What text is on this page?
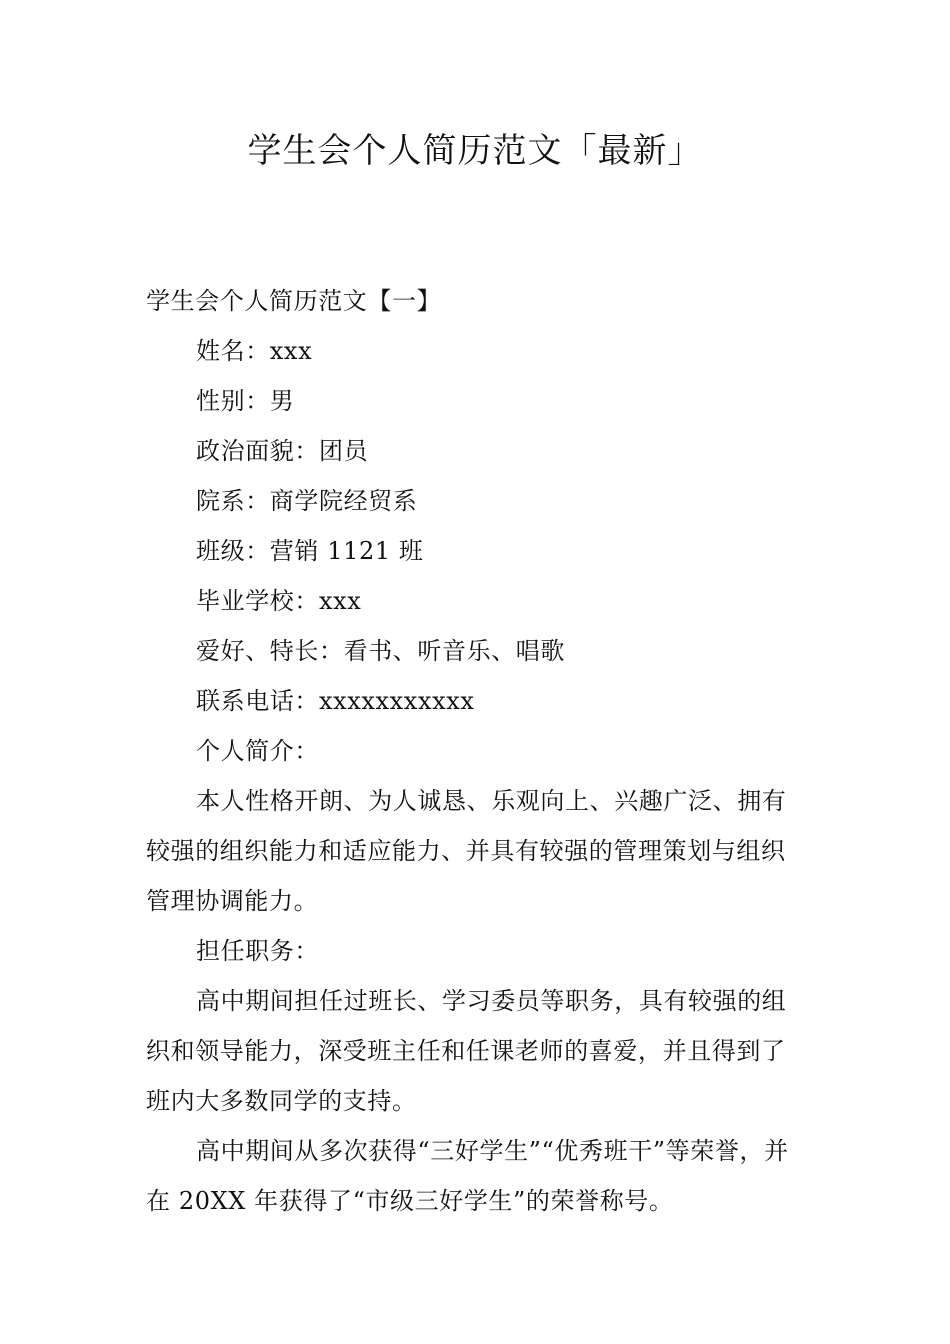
学生会个人简历范文「最新」

学生会个人简历范文【一】

姓名：xxx

性别：男

政治面貌：团员

院系：商学院经贸系

班级：营销 1121 班

毕业学校：xxx

爱好、特长：看书、听音乐、唱歌

联系电话：xxxxxxxxxxx

个人简介：

本人性格开朗、为人诚恳、乐观向上、兴趣广泛、拥有较强的组织能力和适应能力、并具有较强的管理策划与组织管理协调能力。

担任职务：

高中期间担任过班长、学习委员等职务，具有较强的组织和领导能力，深受班主任和任课老师的喜爱，并且得到了班内大多数同学的支持。

高中期间从多次获得“三好学生”“优秀班干”等荣誉，并在 20XX 年获得了“市级三好学生”的荣誉称号。
